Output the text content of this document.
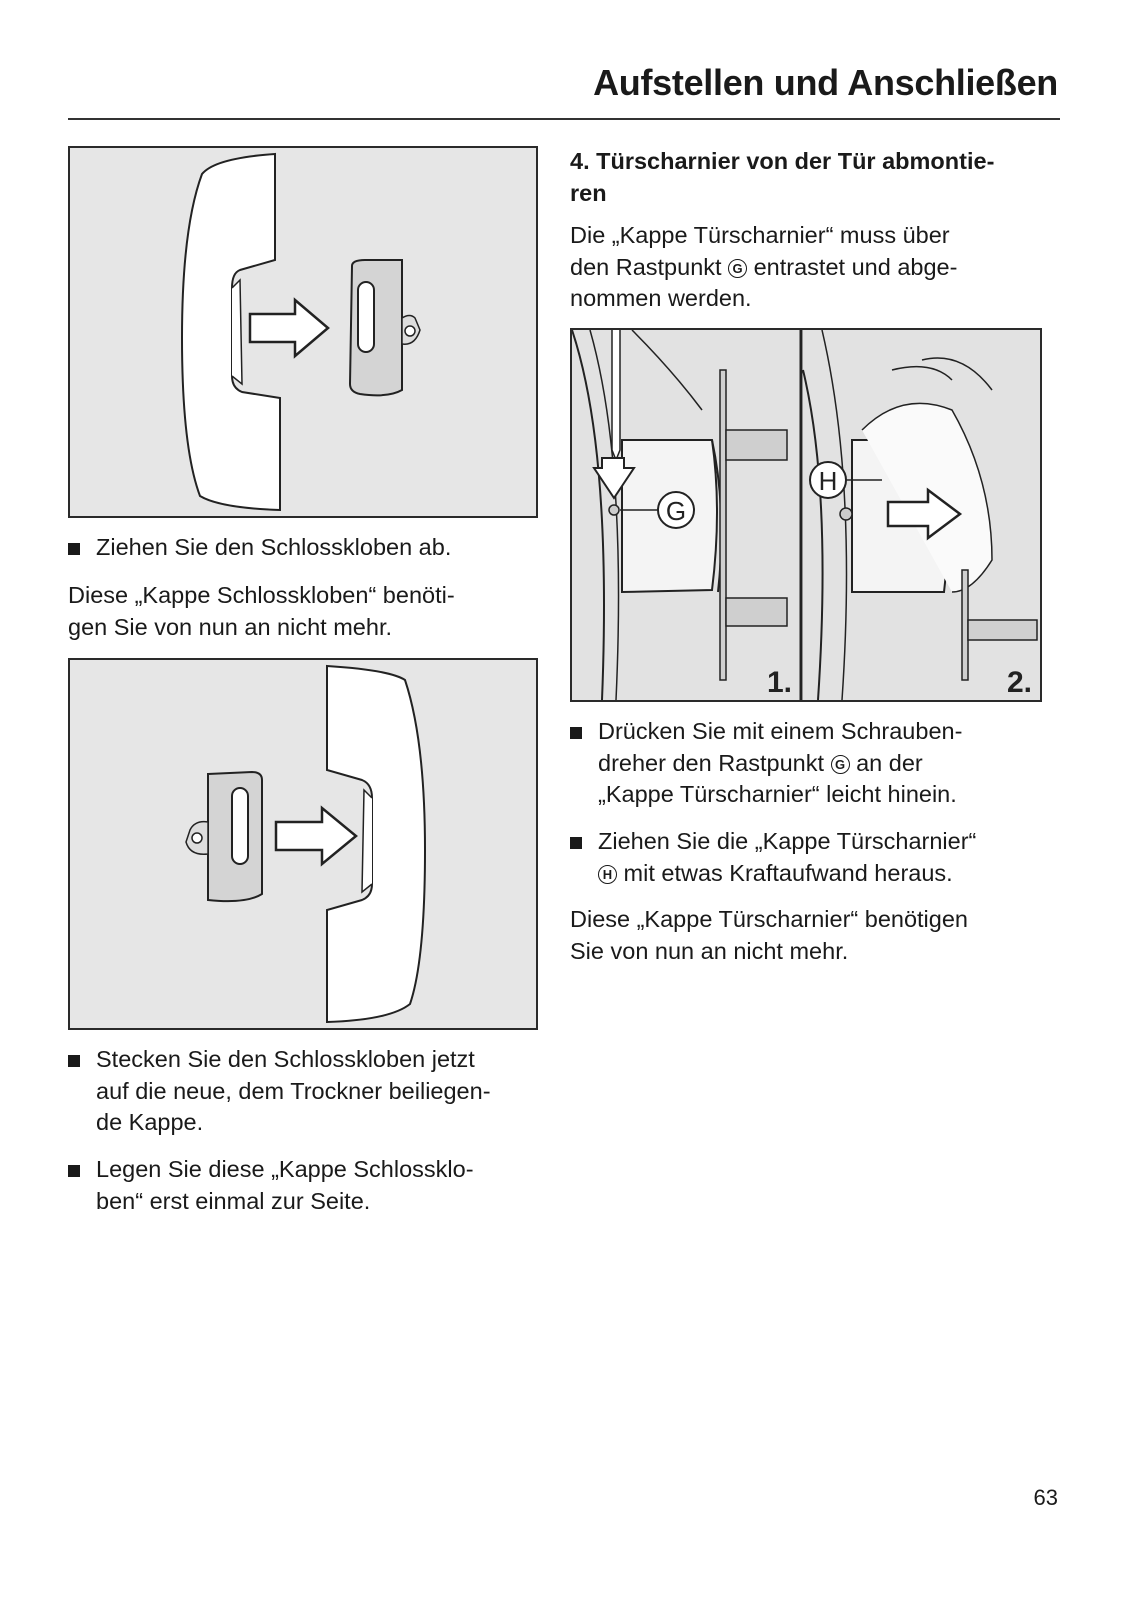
Aufstellen und Anschließen
Ziehen Sie den Schlosskloben ab.
Diese „Kappe Schlosskloben“ benöti-
gen Sie von nun an nicht mehr.
Stecken Sie den Schlosskloben jetzt
auf die neue, dem Trockner beiliegen-
de Kappe.
Legen Sie diese „Kappe Schlossklo-
ben“ erst einmal zur Seite.
4. Türscharnier von der Tür abmontie-
ren
Die „Kappe Türscharnier“ muss über
den Rastpunkt G entrastet und abge-
nommen werden.
G
1.
H
2.
Drücken Sie mit einem Schrauben-
dreher den Rastpunkt G an der
„Kappe Türscharnier“ leicht hinein.
Ziehen Sie die „Kappe Türscharnier“
H mit etwas Kraftaufwand heraus.
Diese „Kappe Türscharnier“ benötigen
Sie von nun an nicht mehr.
63
